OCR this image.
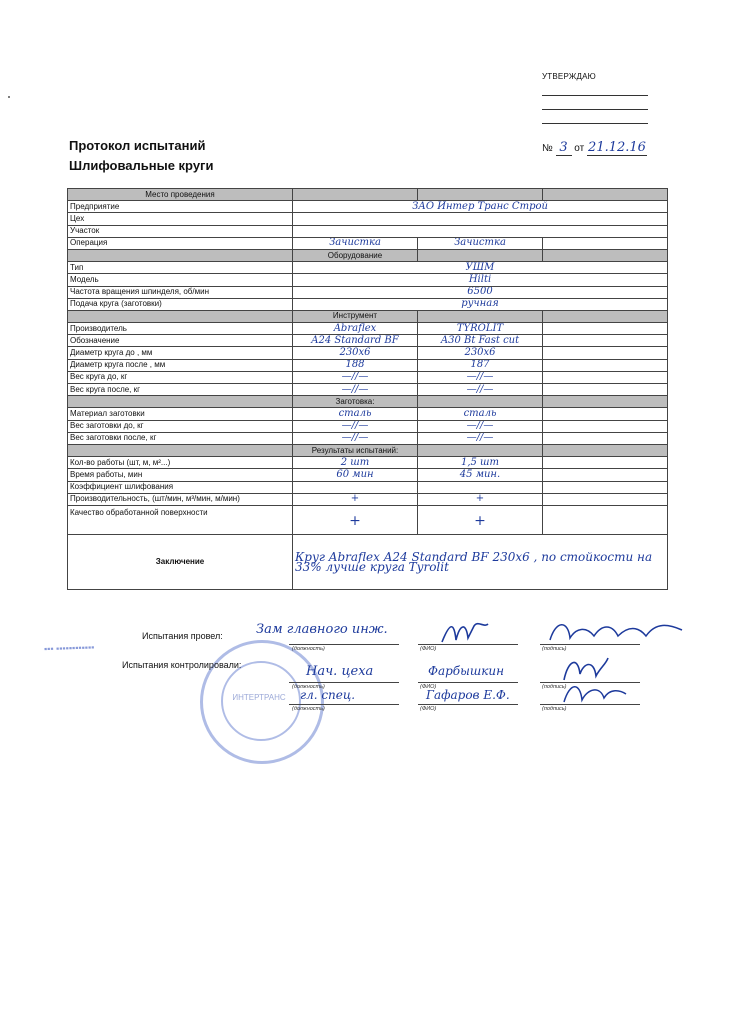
УТВЕРЖДАЮ
Протокол испытаний
Шлифовальные круги
№ 3 от 21.12.16
Место проведения			
Предприятие	ЗАО Интер Транс Строй		
Цех			
Участок			
Операция	Зачистка	Зачистка	
	Оборудование		
Тип	УШМ		
Модель	Hilti		
Частота вращения шпинделя, об/мин	6500		
Подача круга (заготовки)	ручная		
	Инструмент		
Производитель	Abraflex	TYROLIT	
Обозначение	A24 Standard BF	A30 Bt Fast cut	
Диаметр круга до , мм	230x6	230x6	
Диаметр круга после , мм	188	187	
Вес круга до, кг	—//—	—//—	
Вес круга после, кг	—//—	—//—	
	Заготовка:		
Материал заготовки	сталь	сталь	
Вес заготовки до, кг	—//—	—//—	
Вес заготовки после, кг	—//—	—//—	
	Результаты испытаний:		
Кол-во работы (шт, м, м²...)	2 шт	1,5 шт	
Время работы, мин	60 мин	45 мин.	
Коэффициент шлифования			
Производительность, (шт/мин, м³/мин, м/мин)	+	+	
Качество обработанной поверхности	+	+	
Заключение	Круг Abraflex A24 Standard BF 230x6 , по стойкости на 33% лучше круга Tyrolit		
ИНТЕРТРАНС
▪▪▪ ▪▪▪▪▪▪▪▪▪▪▪▪
Испытания провел:
Испытания контролировали:
(должность)	(ФИО)	(подпись)
Зам главного инж.
(должность)	(ФИО)	(подпись)
Нач. цеха	Фарбышкин
(должность)	(ФИО)	(подпись)
гл. спец.	Гафаров Е.Ф.
